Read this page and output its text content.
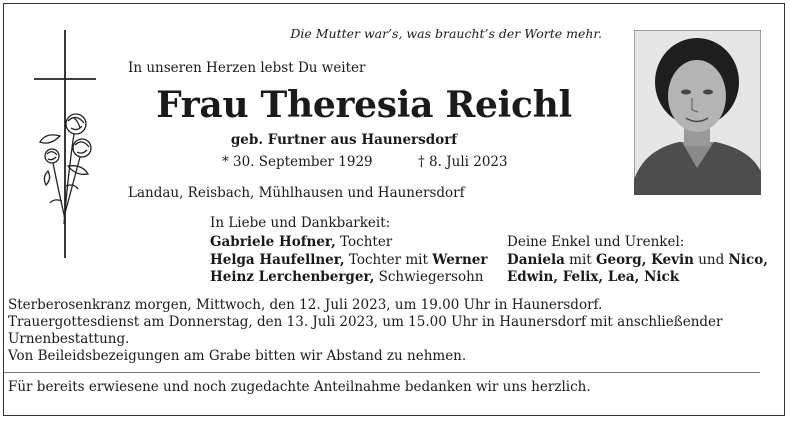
Die Mutter war’s, was braucht’s der Worte mehr.
In unseren Herzen lebst Du weiter
Frau Theresia Reichl
geb. Furtner aus Haunersdorf
* 30. September 1929	† 8. Juli 2023
Landau, Reisbach, Mühlhausen und Haunersdorf
In Liebe und Dankbarkeit:
Gabriele Hofner, Tochter
Helga Haufellner, Tochter mit Werner
Heinz Lerchenberger, Schwiegersohn
Deine Enkel und Urenkel:
Daniela mit Georg, Kevin und Nico,
Edwin, Felix, Lea, Nick
Sterberosenkranz morgen, Mittwoch, den 12. Juli 2023, um 19.00 Uhr in Haunersdorf.
Trauergottesdienst am Donnerstag, den 13. Juli 2023, um 15.00 Uhr in Haunersdorf mit anschließender Urnenbestattung.
Von Beileidsbezeigungen am Grabe bitten wir Abstand zu nehmen.
Für bereits erwiesene und noch zugedachte Anteilnahme bedanken wir uns herzlich.
